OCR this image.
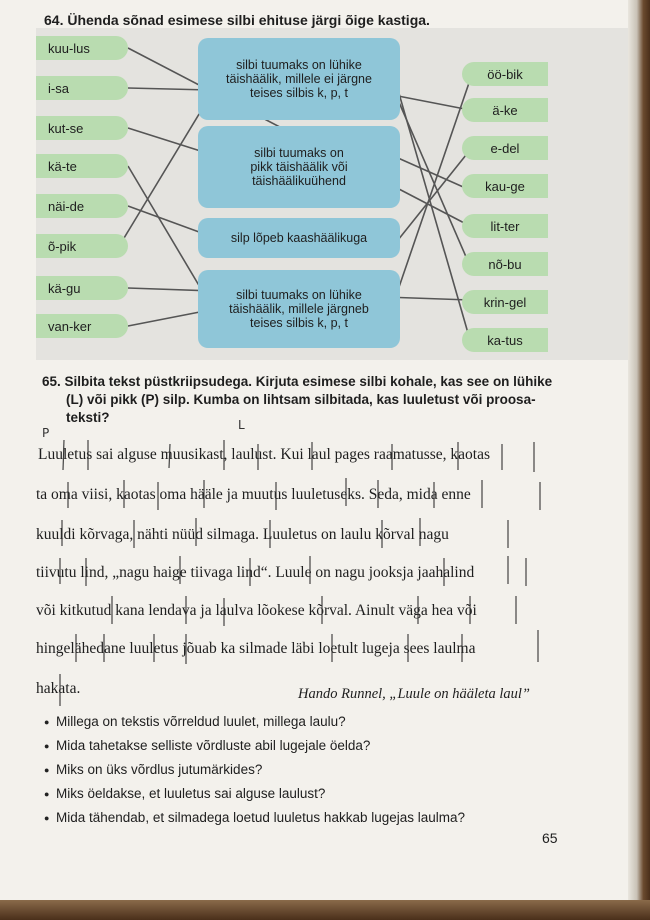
64. Ühenda sõnad esimese silbi ehituse järgi õige kastiga.
kuu-lus
i-sa
kut-se
kä-te
näi-de
õ-pik
kä-gu
van-ker
öö-bik
ä-ke
e-del
kau-ge
lit-ter
nõ-bu
krin-gel
ka-tus
silbi tuumaks on lühike
täishäälik, millele ei järgne
teises silbis k, p, t
silbi tuumaks on
pikk täishäälik või
täishäälikuühend
silp lõpeb kaashäälikuga
silbi tuumaks on lühike
täishäälik, millele järgneb
teises silbis k, p, t
65. Silbita tekst püstkriipsudega. Kirjuta esimese silbi kohale, kas see on lühike
(L) või pikk (P) silp. Kumba on lihtsam silbitada, kas luuletust või proosa-
teksti?
P
L
Luuletus sai alguse muusikast, laulust. Kui laul pages raamatusse, kaotas
ta oma viisi, kaotas oma hääle ja muutus luuletuseks. Seda, mida enne
kuuldi kõrvaga, nähti nüüd silmaga. Luuletus on laulu kõrval nagu
tiivutu lind, „nagu haige tiivaga lind“. Luule on nagu jooksja jaahalind
või kitkutud kana lendava ja laulva lõokese kõrval. Ainult väga hea või
hingelähedane luuletus jõuab ka silmade läbi loetult lugeja sees laulma
hakata.	Hando Runnel, „Luule on hääleta laul”
● Millega on tekstis võrreldud luulet, millega laulu?
● Mida tahetakse selliste võrdluste abil lugejale öelda?
● Miks on üks võrdlus jutumärkides?
● Miks öeldakse, et luuletus sai alguse laulust?
● Mida tähendab, et silmadega loetud luuletus hakkab lugejas laulma?
65
